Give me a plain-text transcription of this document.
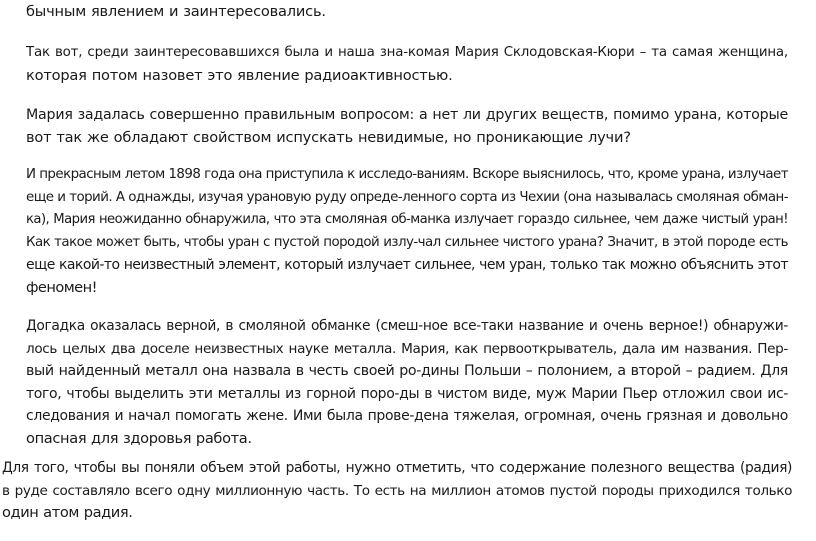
бычным явлением и заинтересовались.

Так вот, среди заинтересовавшихся была и наша зна-комая Мария Склодовская-Кюри – та самая женщина,
которая потом назовет это явление радиоактивностью.

Мария задалась совершенно правильным вопросом: а нет ли других веществ, помимо урана, которые
вот так же обладают свойством испускать невидимые, но проникающие лучи?

И прекрасным летом 1898 года она приступила к исследо-ваниям. Вскоре выяснилось, что, кроме урана, излучает
еще и торий. А однажды, изучая урановую руду опреде-ленного сорта из Чехии (она называлась смоляная обман-
ка), Мария неожиданно обнаружила, что эта смоляная об-манка излучает гораздо сильнее, чем даже чистый уран!
Как такое может быть, чтобы уран с пустой породой излу-чал сильнее чистого урана? Значит, в этой породе есть
еще какой-то неизвестный элемент, который излучает сильнее, чем уран, только так можно объяснить этот
феномен!

Догадка оказалась верной, в смоляной обманке (смеш-ное все-таки название и очень верное!) обнаружи-
лось целых два доселе неизвестных науке металла. Мария, как первооткрыватель, дала им названия. Пер-
вый найденный металл она назвала в честь своей ро-дины Польши – полонием, а второй – радием. Для
того, чтобы выделить эти металлы из горной поро-ды в чистом виде, муж Марии Пьер отложил свои ис-
следования и начал помогать жене. Ими была прове-дена тяжелая, огромная, очень грязная и довольно
опасная для здоровья работа.

Для того, чтобы вы поняли объем этой работы, нужно отметить, что содержание полезного вещества (радия)
в руде составляло всего одну миллионную часть. То есть на миллион атомов пустой породы приходился только
один атом радия.
